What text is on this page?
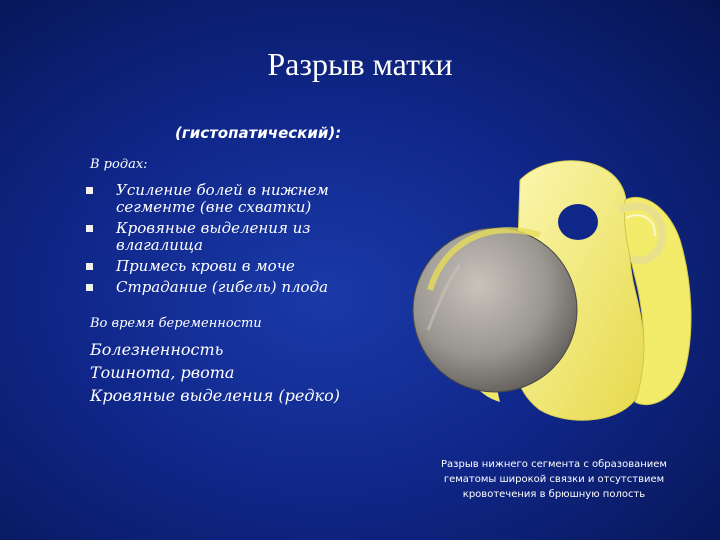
Разрыв матки
(гистопатический):
В родах:
Усиление болей в нижнем сегменте (вне схватки)
Кровяные выделения из влагалища
Примесь крови в моче
Страдание (гибель) плода
Во время беременности
Болезненность
Тошнота, рвота
Кровяные выделения (редко)
Разрыв нижнего сегмента с образованием гематомы широкой связки и отсутствием кровотечения в брюшную полость
